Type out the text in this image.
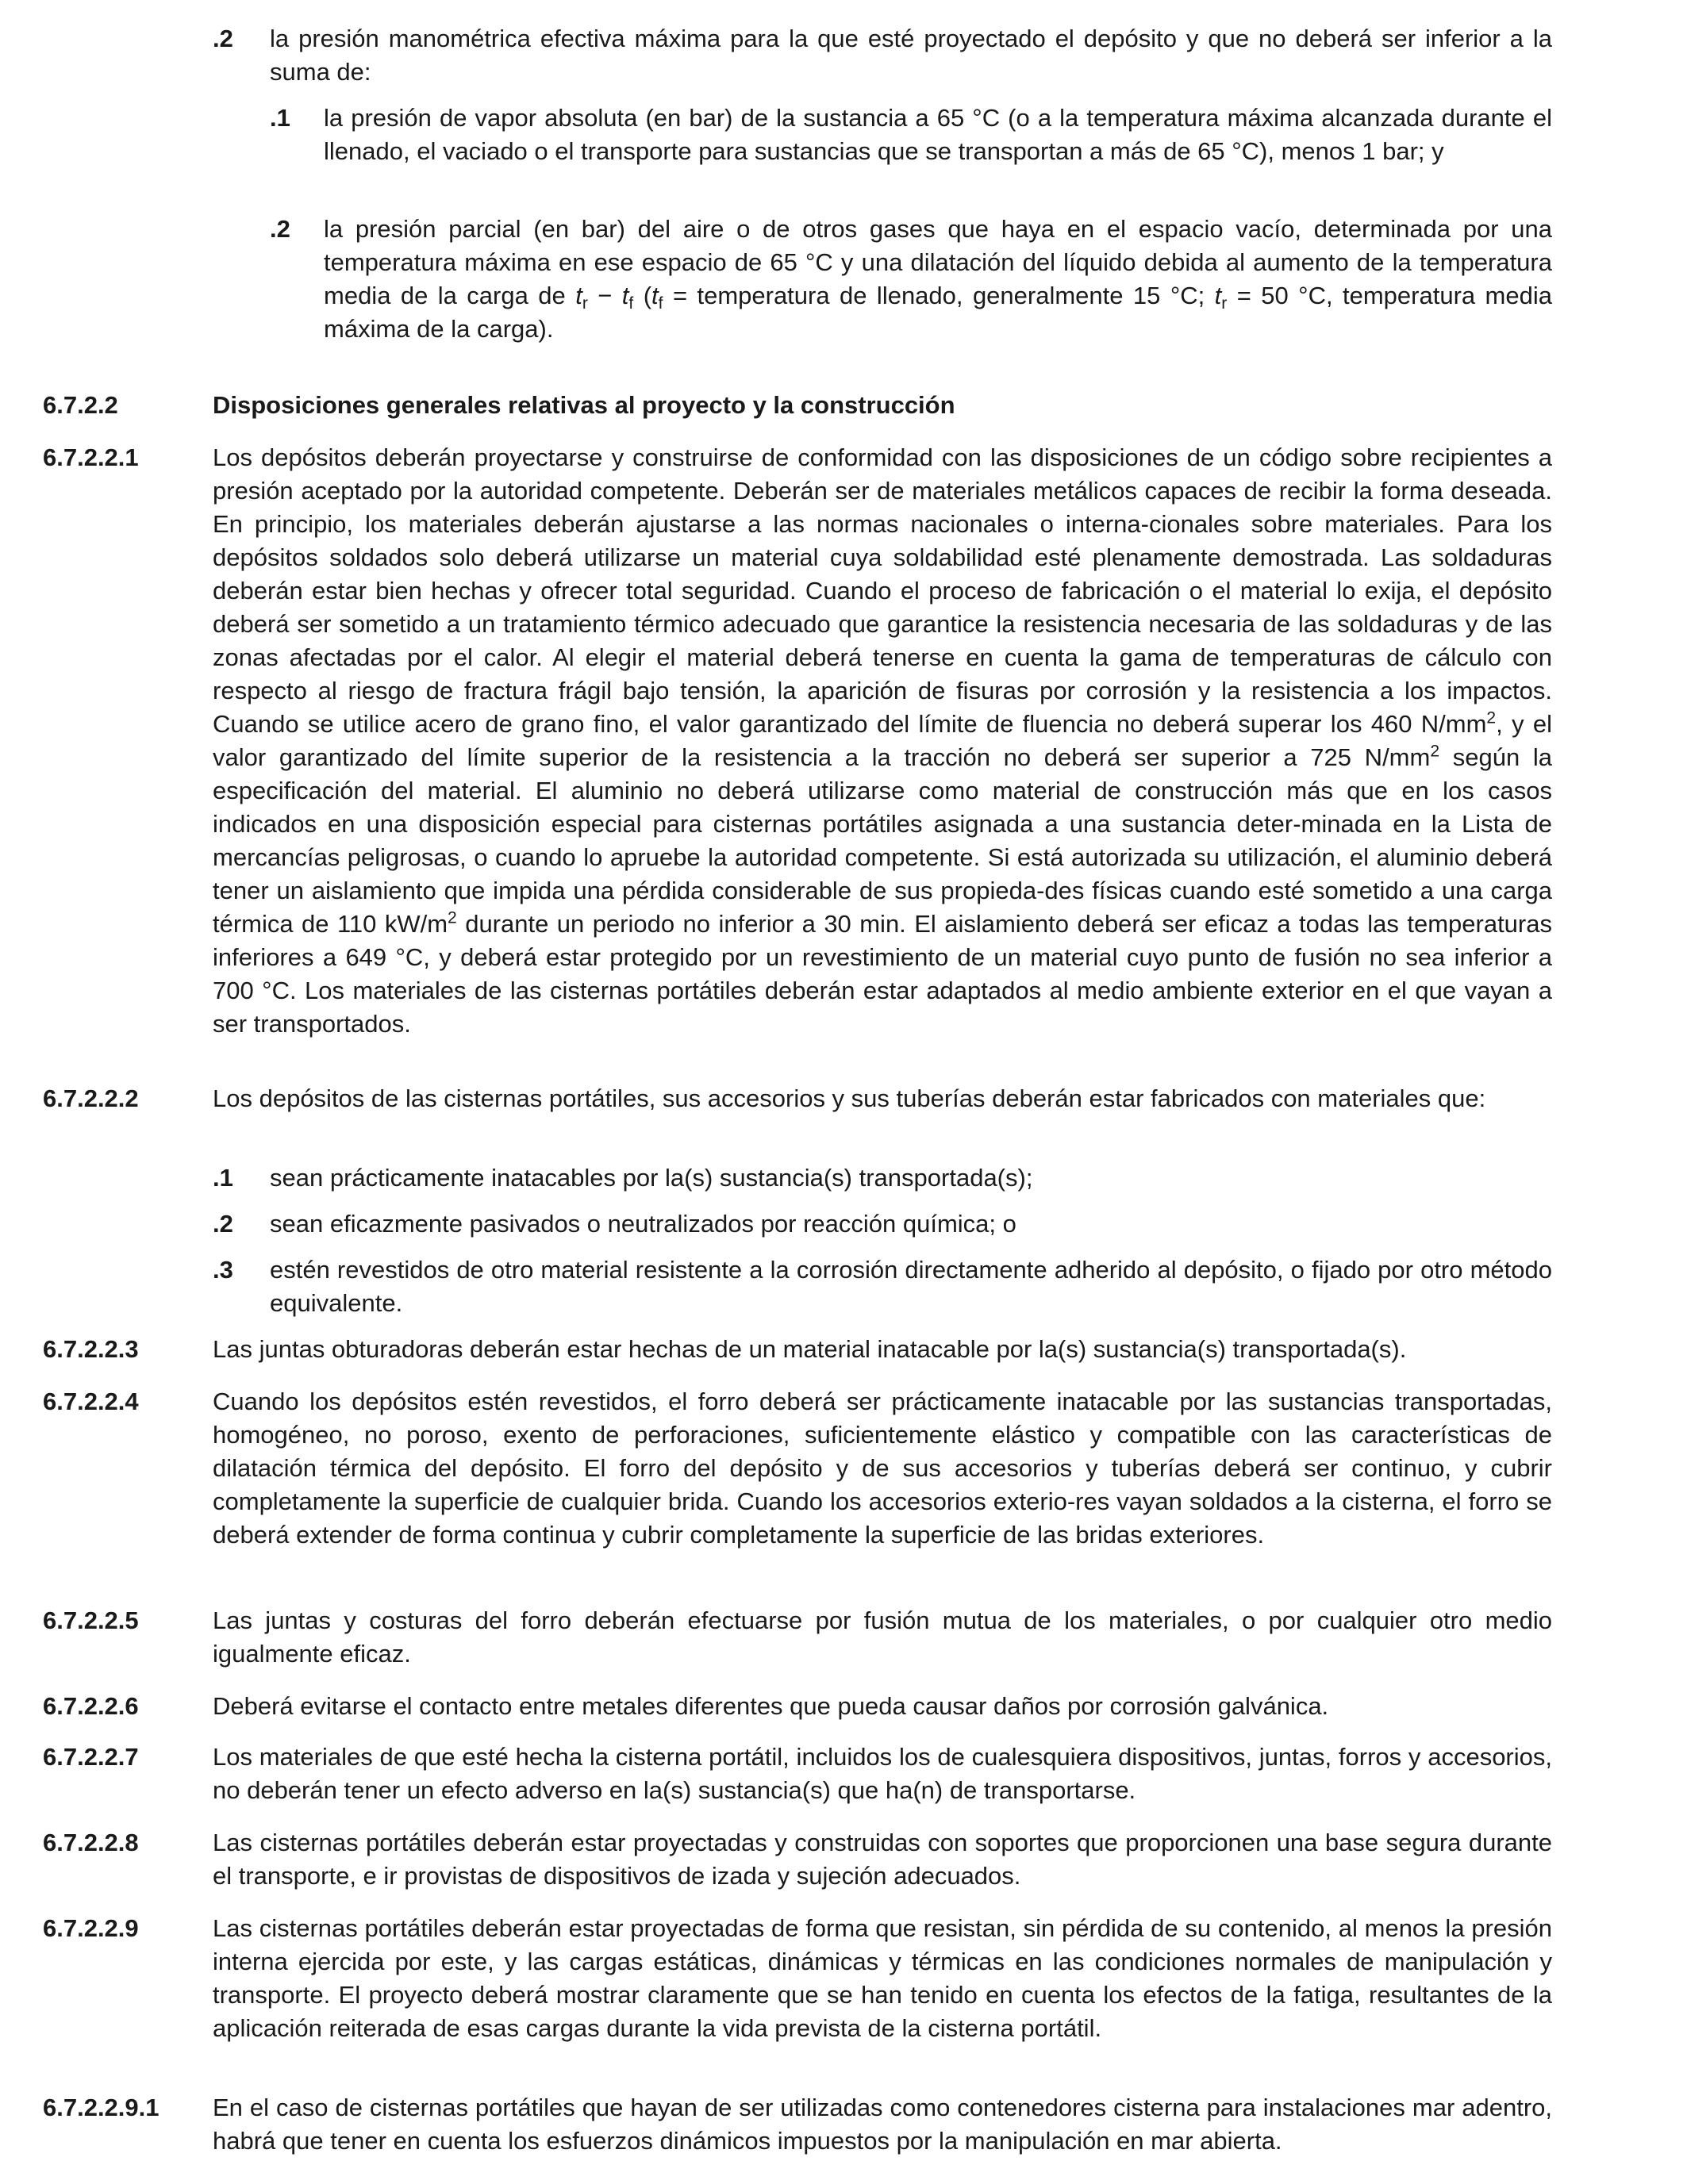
.2 la presión manométrica efectiva máxima para la que esté proyectado el depósito y que no deberá ser inferior a la suma de:
.1 la presión de vapor absoluta (en bar) de la sustancia a 65 °C (o a la temperatura máxima alcanzada durante el llenado, el vaciado o el transporte para sustancias que se transportan a más de 65 °C), menos 1 bar; y
.2 la presión parcial (en bar) del aire o de otros gases que haya en el espacio vacío, determinada por una temperatura máxima en ese espacio de 65 °C y una dilatación del líquido debida al aumento de la temperatura media de la carga de $t_r - t_f$ ($t_f$ = temperatura de llenado, generalmente 15 °C; $t_r = 50$ °C, temperatura media máxima de la carga).
6.7.2.2	Disposiciones generales relativas al proyecto y la construcción
6.7.2.2.1	Los depósitos deberán proyectarse y construirse de conformidad con las disposiciones de un código sobre recipientes a presión aceptado por la autoridad competente. Deberán ser de materiales metálicos capaces de recibir la forma deseada. En principio, los materiales deberán ajustarse a las normas nacionales o interna-cionales sobre materiales. Para los depósitos soldados solo deberá utilizarse un material cuya soldabilidad esté plenamente demostrada. Las soldaduras deberán estar bien hechas y ofrecer total seguridad. Cuando el proceso de fabricación o el material lo exija, el depósito deberá ser sometido a un tratamiento térmico adecuado que garantice la resistencia necesaria de las soldaduras y de las zonas afectadas por el calor. Al elegir el material deberá tenerse en cuenta la gama de temperaturas de cálculo con respecto al riesgo de fractura frágil bajo tensión, la aparición de fisuras por corrosión y la resistencia a los impactos. Cuando se utilice acero de grano fino, el valor garantizado del límite de fluencia no deberá superar los 460 $N/mm^2$, y el valor garantizado del límite superior de la resistencia a la tracción no deberá ser superior a 725 $N/mm^2$ según la especificación del material. El aluminio no deberá utilizarse como material de construcción más que en los casos indicados en una disposición especial para cisternas portátiles asignada a una sustancia deter-minada en la Lista de mercancías peligrosas, o cuando lo apruebe la autoridad competente. Si está autorizada su utilización, el aluminio deberá tener un aislamiento que impida una pérdida considerable de sus propieda-des físicas cuando esté sometido a una carga térmica de 110 $kW/m^2$ durante un periodo no inferior a 30 min. El aislamiento deberá ser eficaz a todas las temperaturas inferiores a 649 °C, y deberá estar protegido por un revestimiento de un material cuyo punto de fusión no sea inferior a 700 °C. Los materiales de las cisternas portátiles deberán estar adaptados al medio ambiente exterior en el que vayan a ser transportados.
6.7.2.2.2	Los depósitos de las cisternas portátiles, sus accesorios y sus tuberías deberán estar fabricados con materiales que:
.1 sean prácticamente inatacables por la(s) sustancia(s) transportada(s);
.2 sean eficazmente pasivados o neutralizados por reacción química; o
.3 estén revestidos de otro material resistente a la corrosión directamente adherido al depósito, o fijado por otro método equivalente.
6.7.2.2.3	Las juntas obturadoras deberán estar hechas de un material inatacable por la(s) sustancia(s) transportada(s).
6.7.2.2.4	Cuando los depósitos estén revestidos, el forro deberá ser prácticamente inatacable por las sustancias transportadas, homogéneo, no poroso, exento de perforaciones, suficientemente elástico y compatible con las características de dilatación térmica del depósito. El forro del depósito y de sus accesorios y tuberías deberá ser continuo, y cubrir completamente la superficie de cualquier brida. Cuando los accesorios exterio-res vayan soldados a la cisterna, el forro se deberá extender de forma continua y cubrir completamente la superficie de las bridas exteriores.
6.7.2.2.5	Las juntas y costuras del forro deberán efectuarse por fusión mutua de los materiales, o por cualquier otro medio igualmente eficaz.
6.7.2.2.6	Deberá evitarse el contacto entre metales diferentes que pueda causar daños por corrosión galvánica.
6.7.2.2.7	Los materiales de que esté hecha la cisterna portátil, incluidos los de cualesquiera dispositivos, juntas, forros y accesorios, no deberán tener un efecto adverso en la(s) sustancia(s) que ha(n) de transportarse.
6.7.2.2.8	Las cisternas portátiles deberán estar proyectadas y construidas con soportes que proporcionen una base segura durante el transporte, e ir provistas de dispositivos de izada y sujeción adecuados.
6.7.2.2.9	Las cisternas portátiles deberán estar proyectadas de forma que resistan, sin pérdida de su contenido, al menos la presión interna ejercida por este, y las cargas estáticas, dinámicas y térmicas en las condiciones normales de manipulación y transporte. El proyecto deberá mostrar claramente que se han tenido en cuenta los efectos de la fatiga, resultantes de la aplicación reiterada de esas cargas durante la vida prevista de la cisterna portátil.
6.7.2.2.9.1 En el caso de cisternas portátiles que hayan de ser utilizadas como contenedores cisterna para instalaciones mar adentro, habrá que tener en cuenta los esfuerzos dinámicos impuestos por la manipulación en mar abierta.
